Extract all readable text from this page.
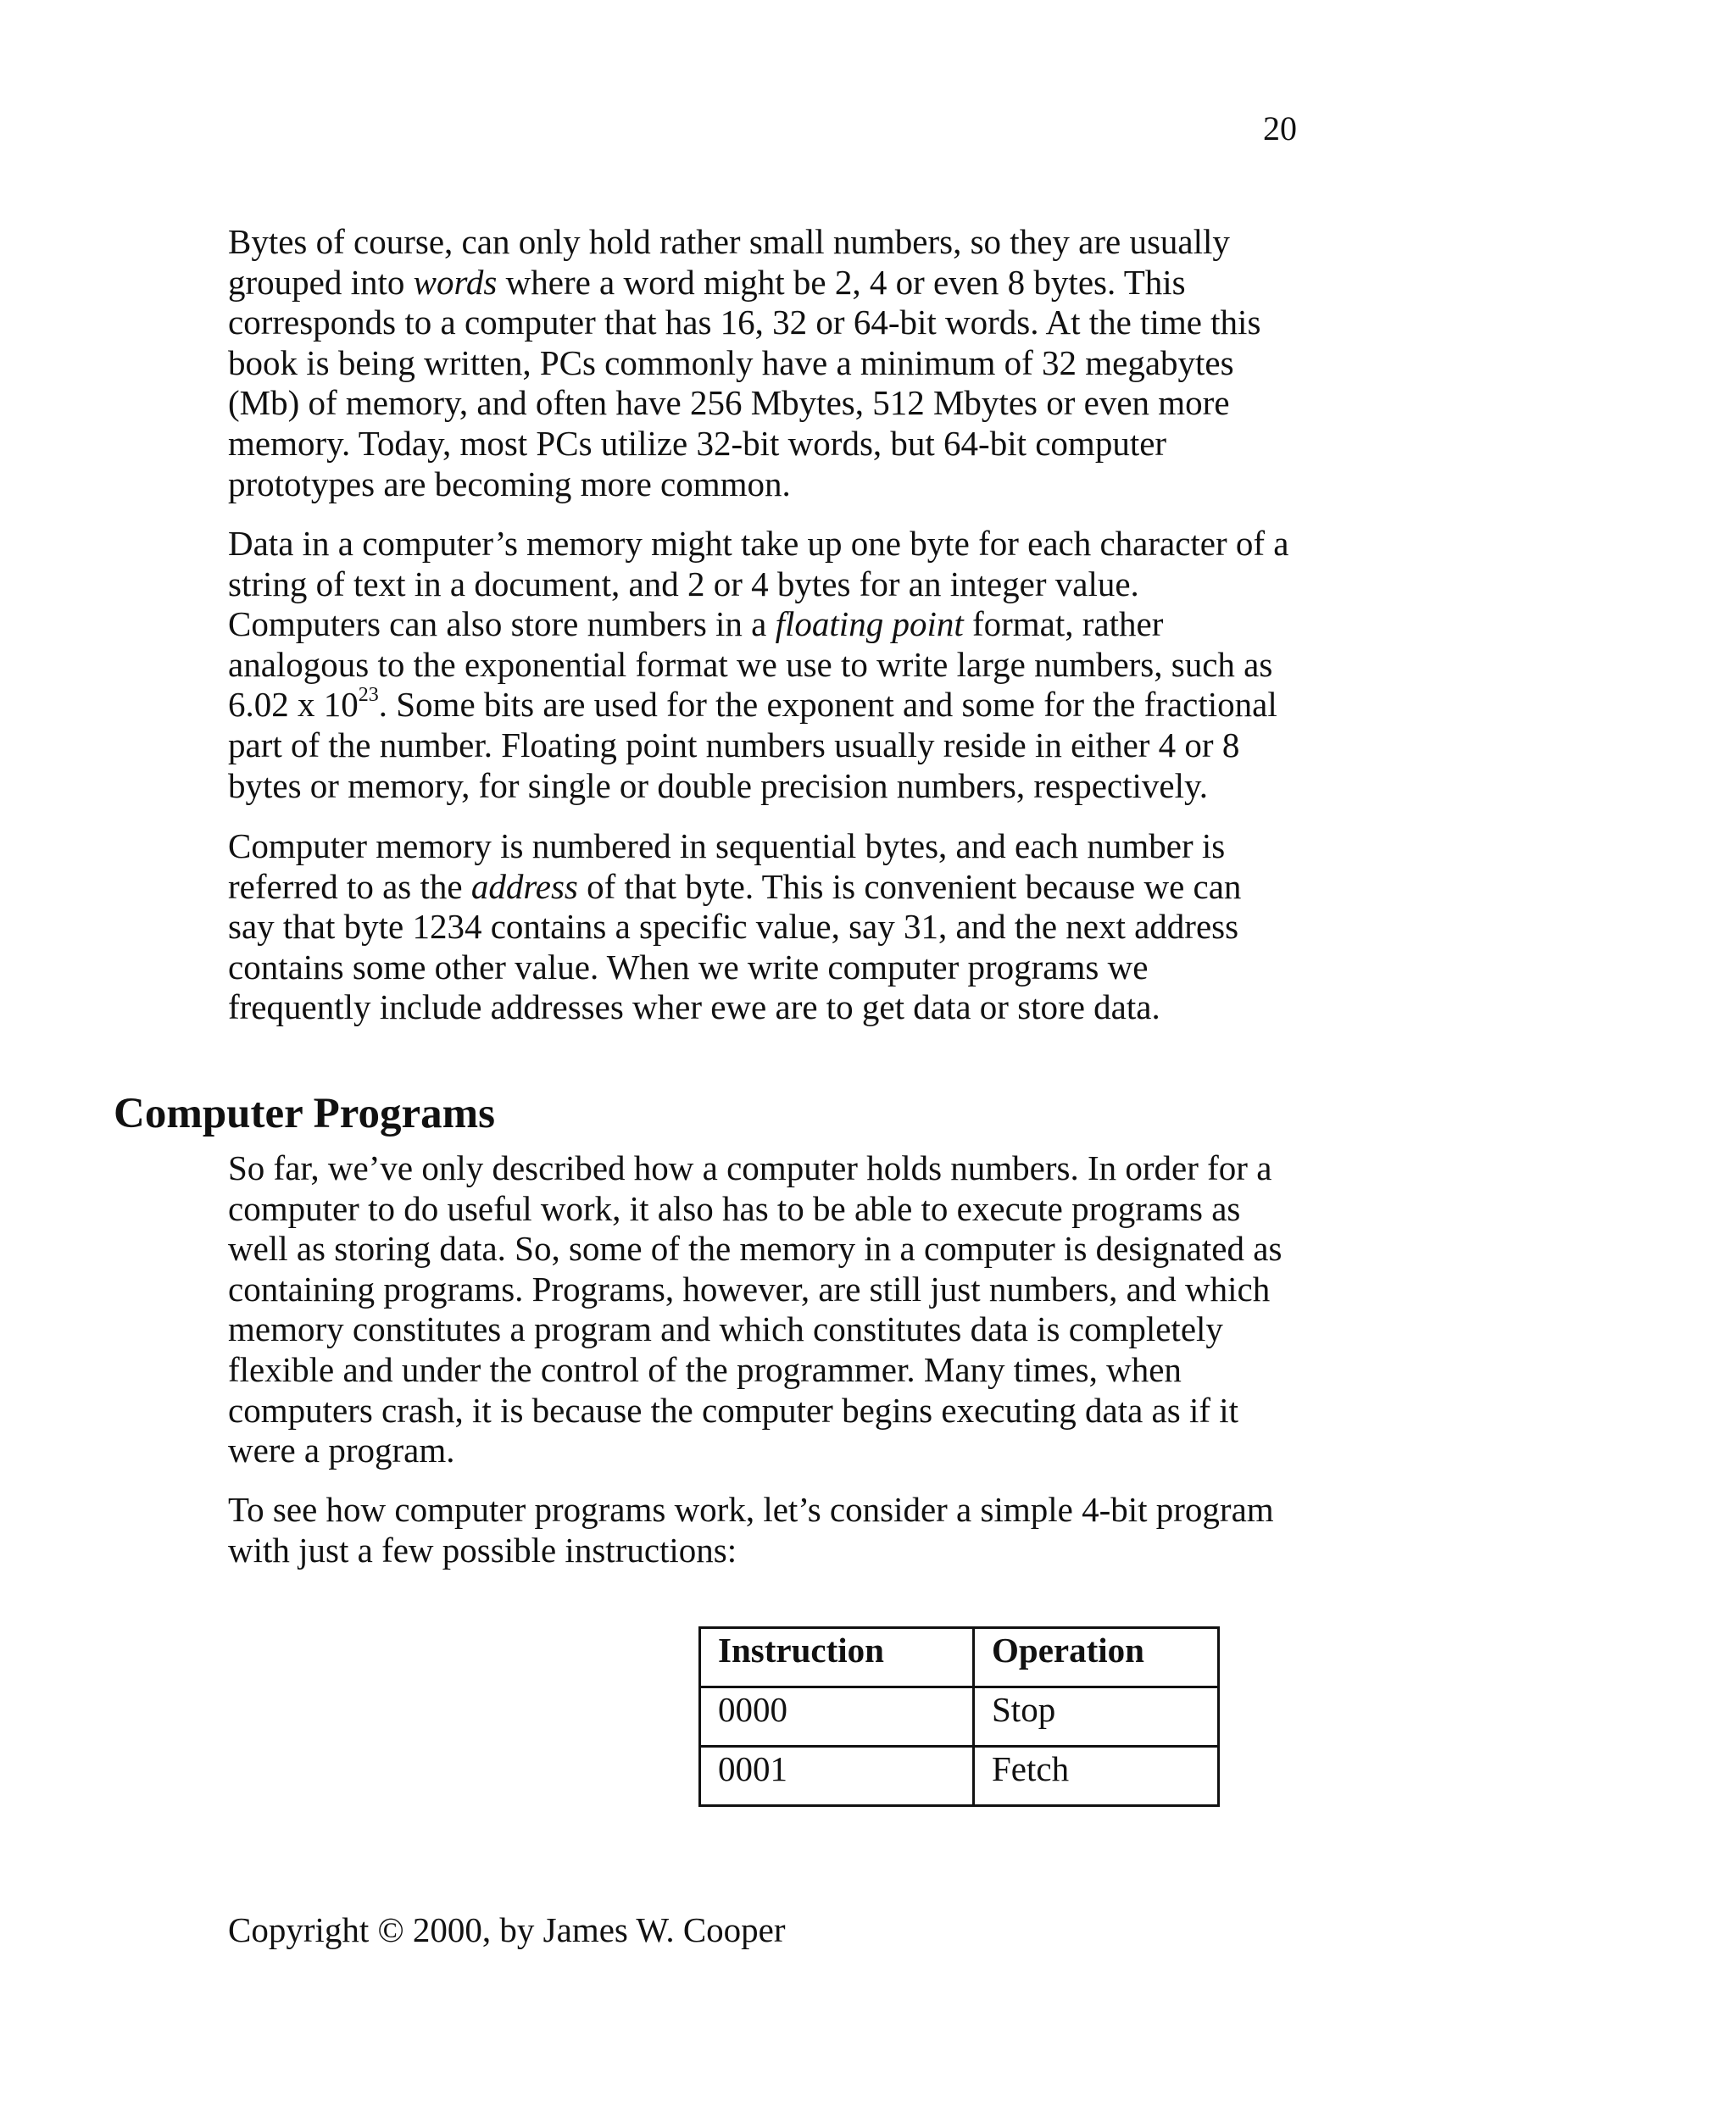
20

Bytes of course, can only hold rather small numbers, so they are usually
grouped into words where a word might be 2, 4 or even 8 bytes. This
corresponds to a computer that has 16, 32 or 64-bit words. At the time this
book is being written, PCs commonly have a minimum of 32 megabytes
(Mb) of memory, and often have 256 Mbytes, 512 Mbytes or even more
memory. Today, most PCs utilize 32-bit words, but 64-bit computer
prototypes are becoming more common.

Data in a computer’s memory might take up one byte for each character of a
string of text in a document, and 2 or 4 bytes for an integer value.
Computers can also store numbers in a floating point format, rather
analogous to the exponential format we use to write large numbers, such as
6.02 x $10^{23}$. Some bits are used for the exponent and some for the fractional
part of the number. Floating point numbers usually reside in either 4 or 8
bytes or memory, for single or double precision numbers, respectively.

Computer memory is numbered in sequential bytes, and each number is
referred to as the address of that byte. This is convenient because we can
say that byte 1234 contains a specific value, say 31, and the next address
contains some other value. When we write computer programs we
frequently include addresses wher ewe are to get data or store data.

Computer Programs

So far, we’ve only described how a computer holds numbers. In order for a
computer to do useful work, it also has to be able to execute programs as
well as storing data. So, some of the memory in a computer is designated as
containing programs. Programs, however, are still just numbers, and which
memory constitutes a program and which constitutes data is completely
flexible and under the control of the programmer. Many times, when
computers crash, it is because the computer begins executing data as if it
were a program.

To see how computer programs work, let’s consider a simple 4-bit program
with just a few possible instructions:

Instruction	Operation
0000	Stop
0001	Fetch
Copyright © 2000, by James W. Cooper
